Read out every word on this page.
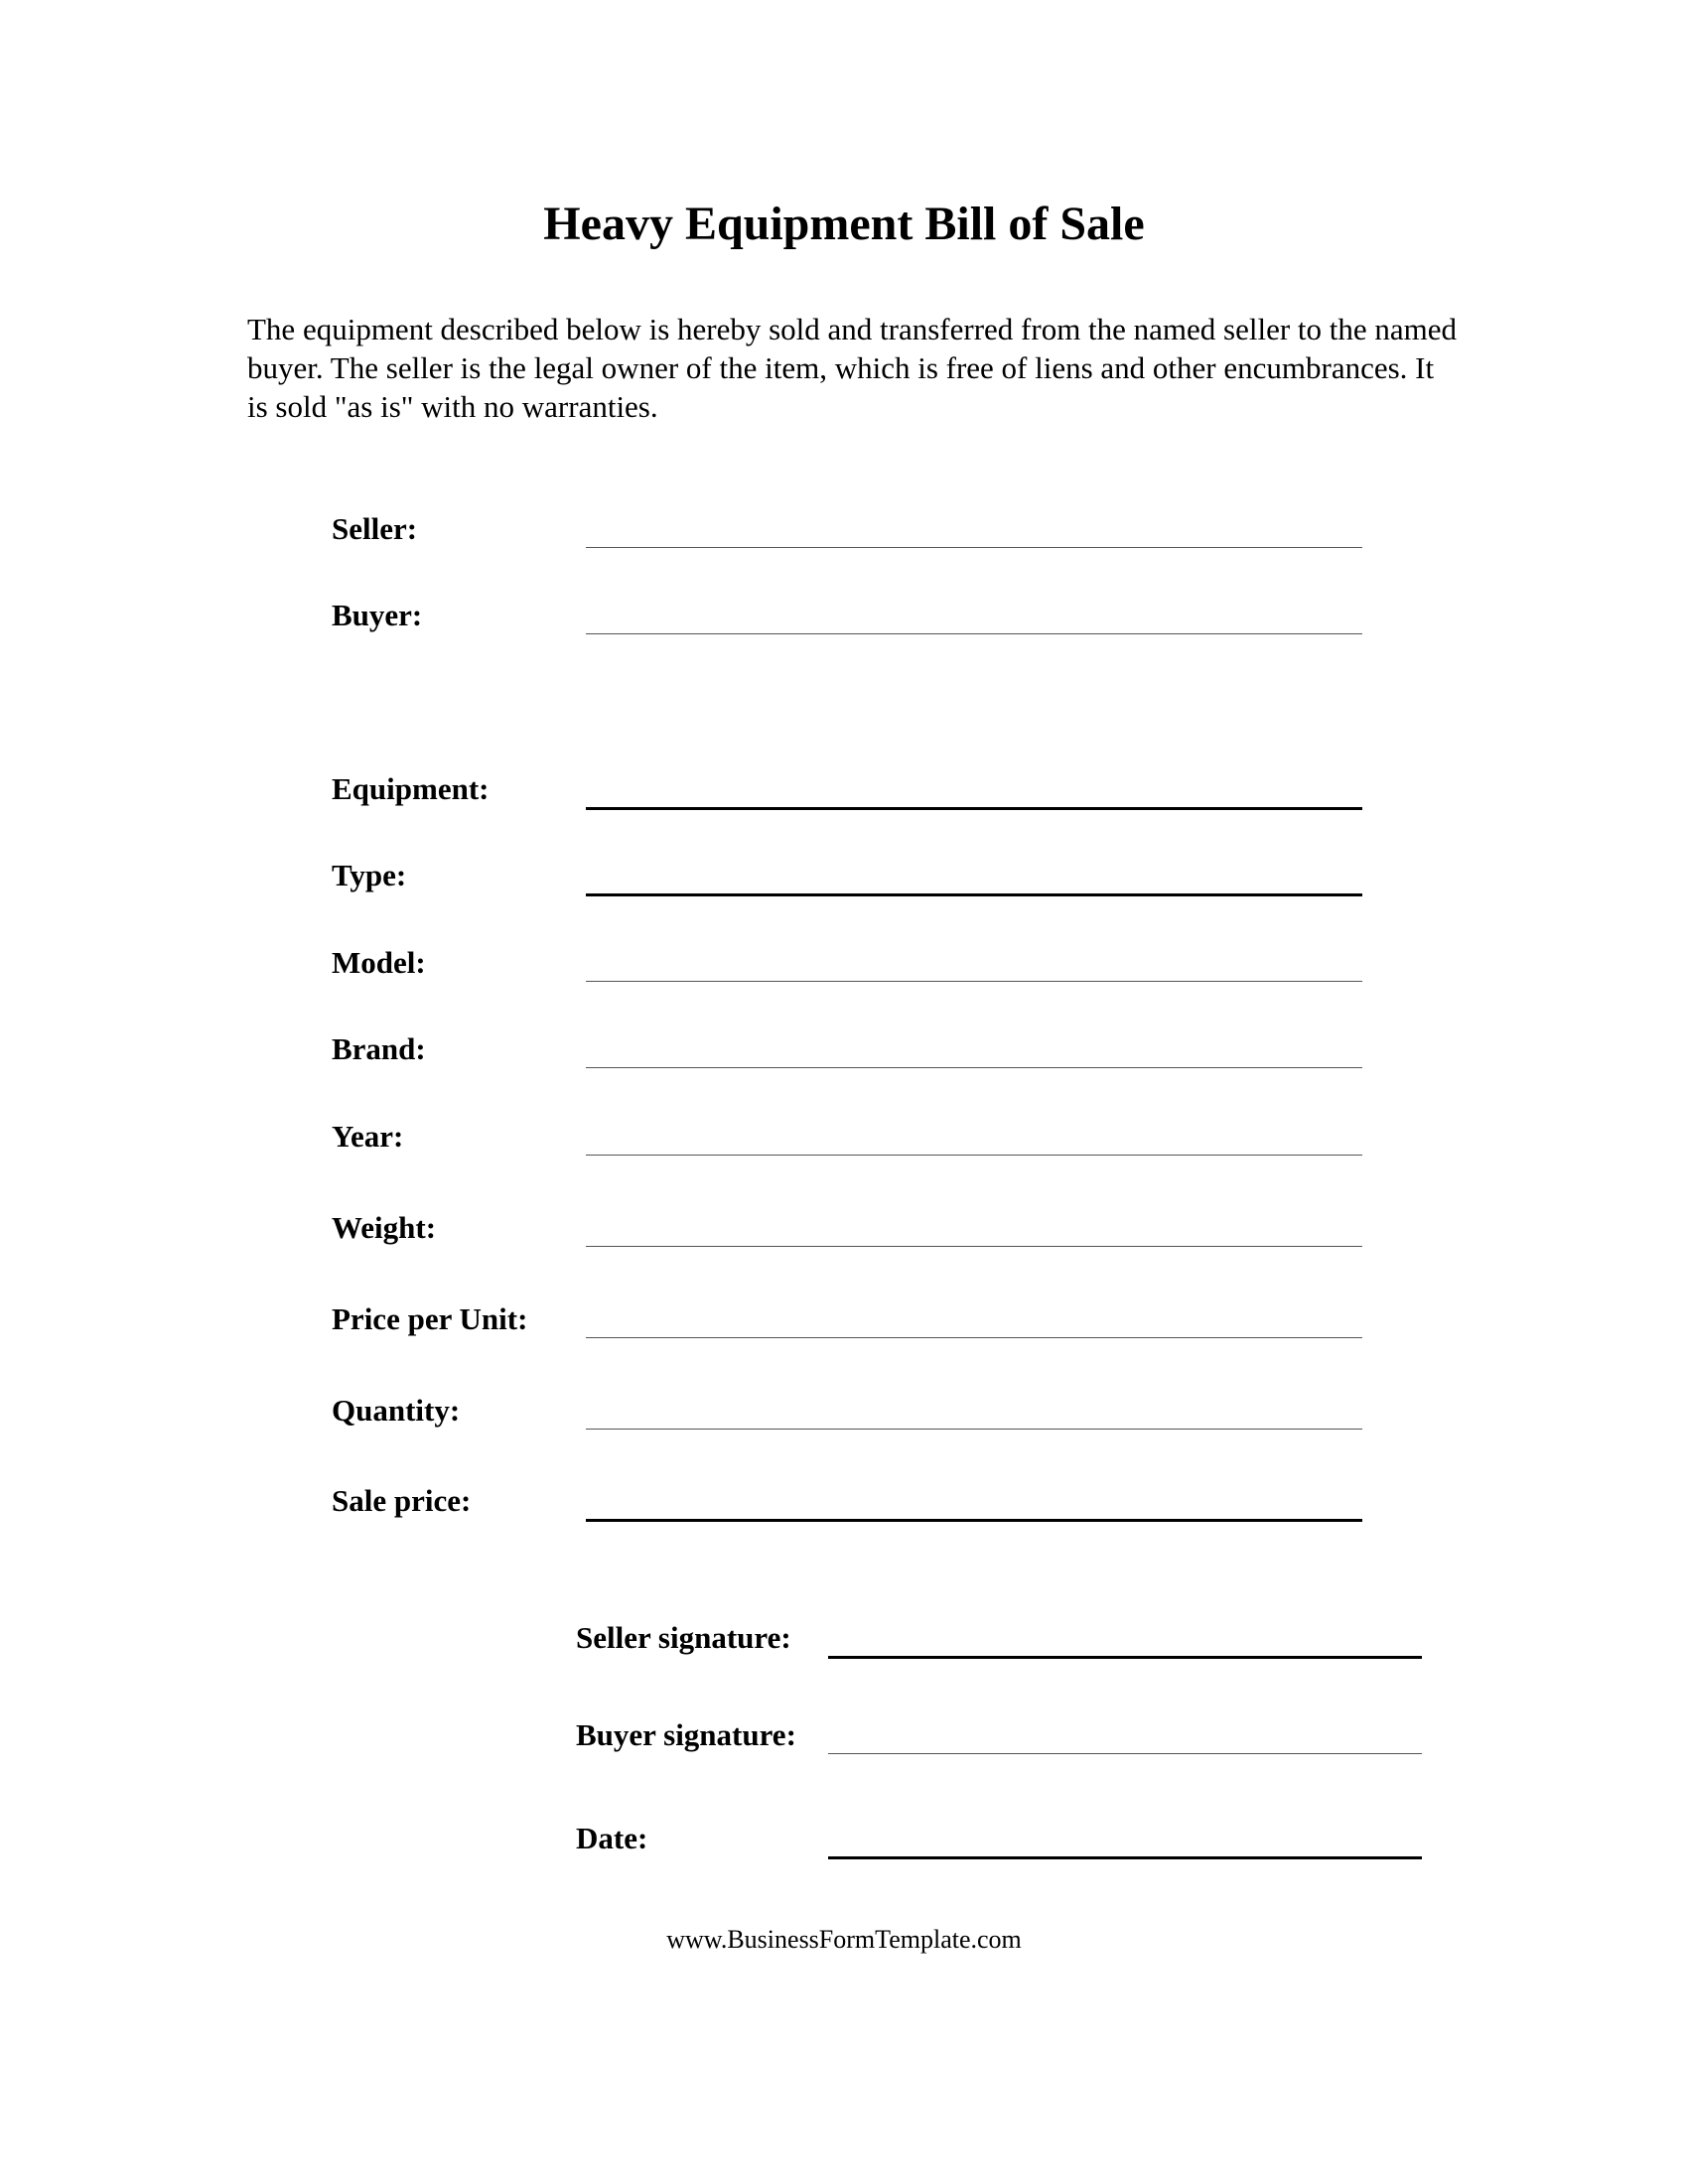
Heavy Equipment Bill of Sale
The equipment described below is hereby sold and transferred from the named seller to the named buyer. The seller is the legal owner of the item, which is free of liens and other encumbrances. It is sold "as is" with no warranties.
Seller:
Buyer:
Equipment:
Type:
Model:
Brand:
Year:
Weight:
Price per Unit:
Quantity:
Sale price:
Seller signature:
Buyer signature:
Date:
www.BusinessFormTemplate.com
